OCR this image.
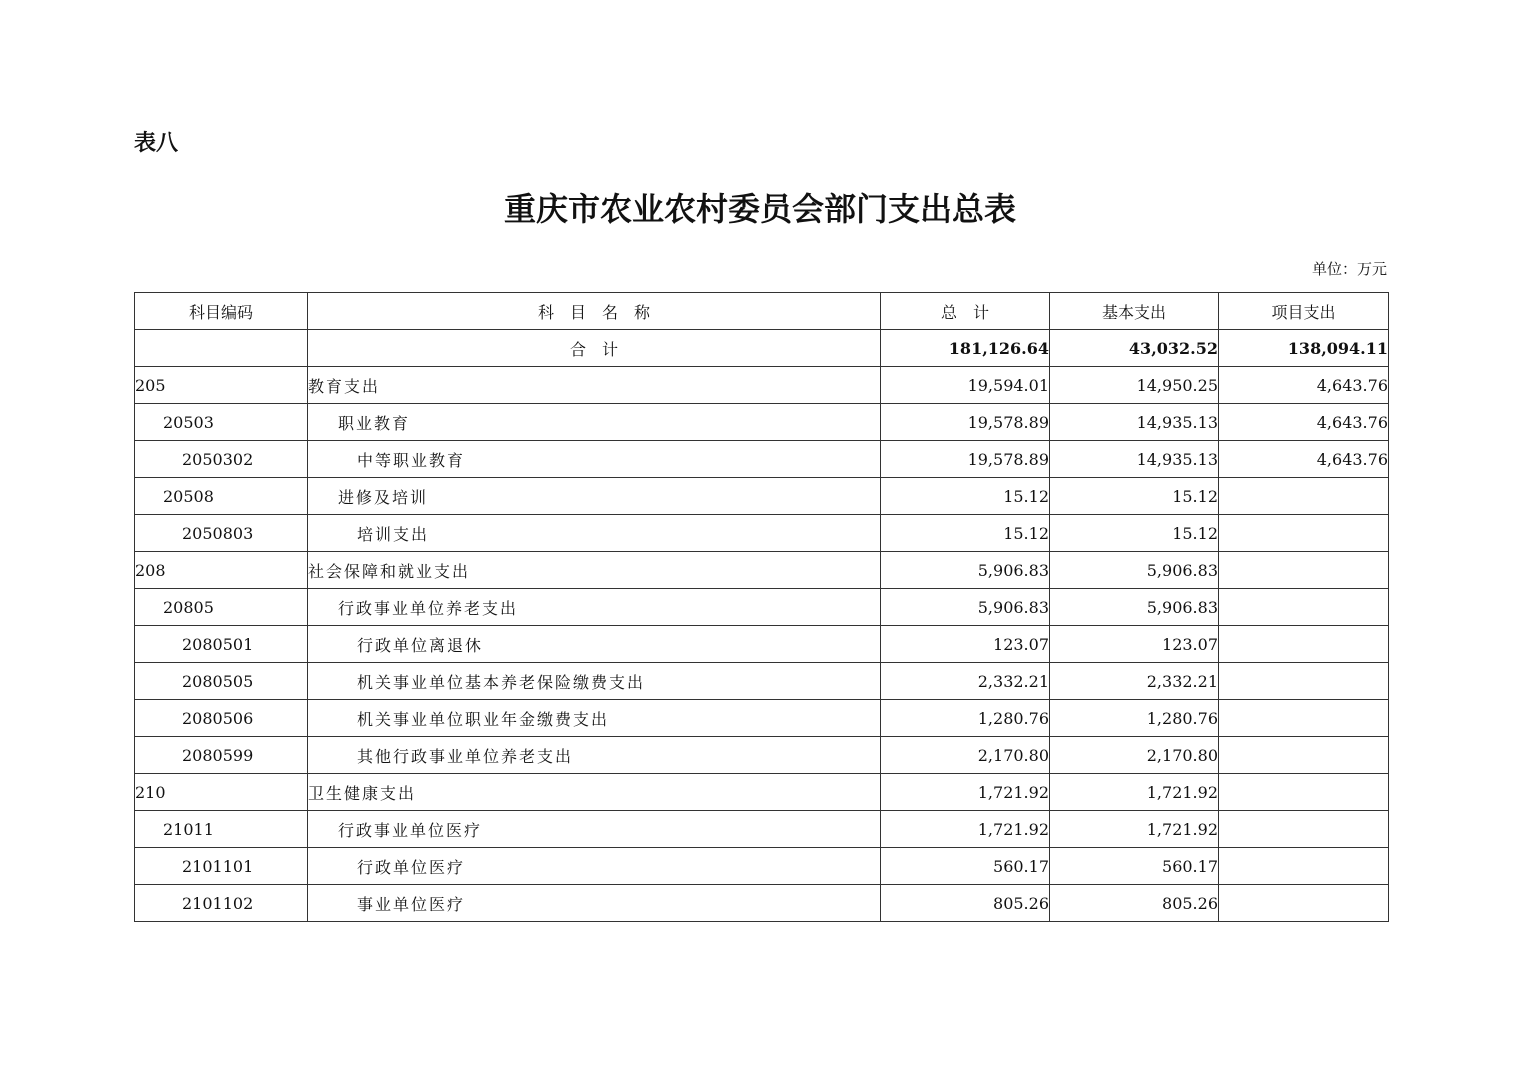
表八
重庆市农业农村委员会部门支出总表
单位：万元
科目编码	科　目　名　称	总　计	基本支出	项目支出
	合　计	181,126.64	43,032.52	138,094.11
205	教育支出	19,594.01	14,950.25	4,643.76
20503	职业教育	19,578.89	14,935.13	4,643.76
2050302	中等职业教育	19,578.89	14,935.13	4,643.76
20508	进修及培训	15.12	15.12	
2050803	培训支出	15.12	15.12	
208	社会保障和就业支出	5,906.83	5,906.83	
20805	行政事业单位养老支出	5,906.83	5,906.83	
2080501	行政单位离退休	123.07	123.07	
2080505	机关事业单位基本养老保险缴费支出	2,332.21	2,332.21	
2080506	机关事业单位职业年金缴费支出	1,280.76	1,280.76	
2080599	其他行政事业单位养老支出	2,170.80	2,170.80	
210	卫生健康支出	1,721.92	1,721.92	
21011	行政事业单位医疗	1,721.92	1,721.92	
2101101	行政单位医疗	560.17	560.17	
2101102	事业单位医疗	805.26	805.26	
